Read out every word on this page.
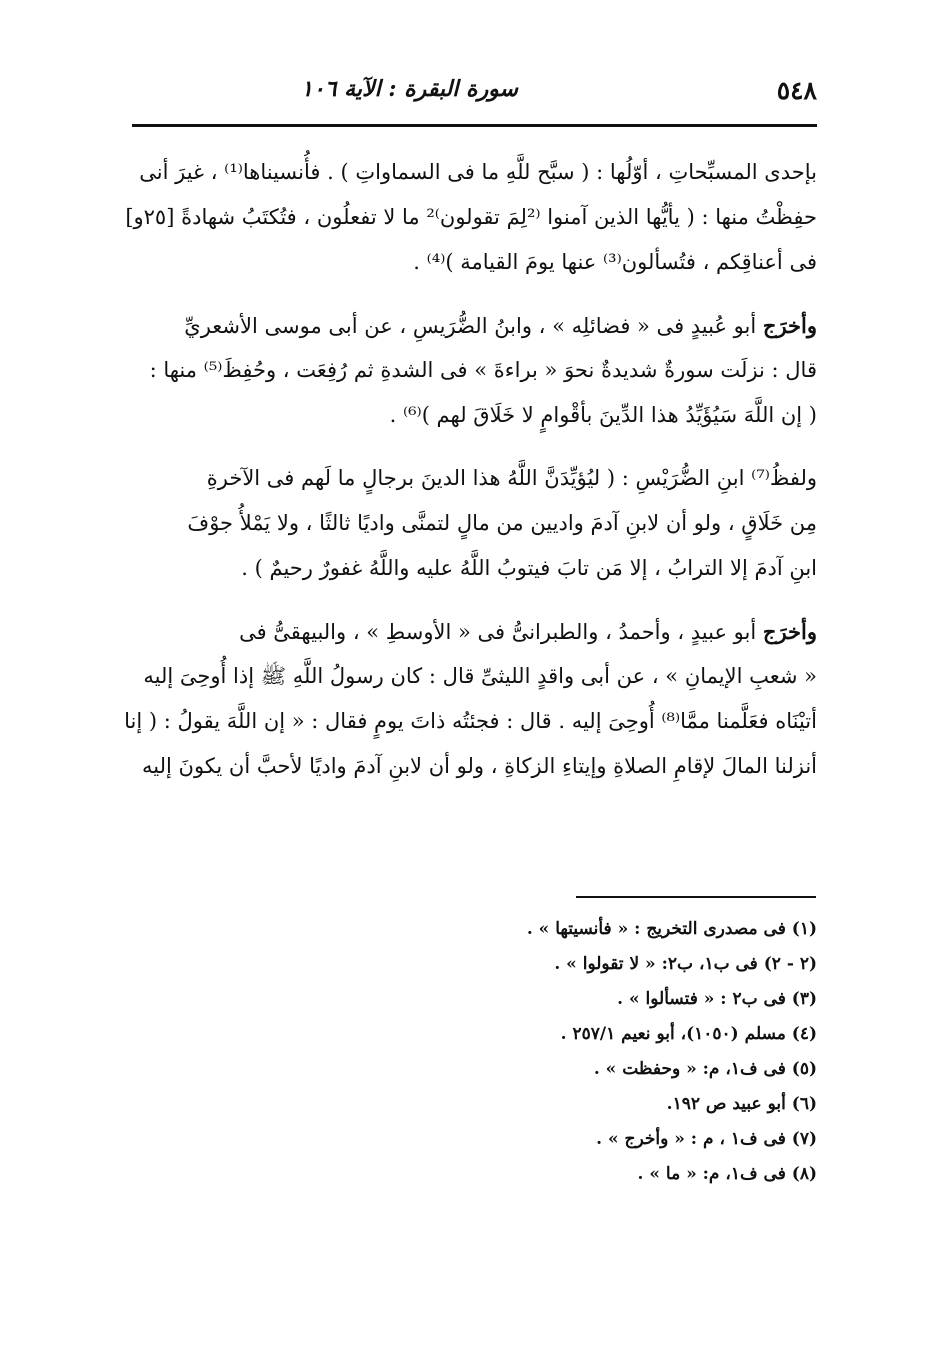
٥٤٨
سورة البقرة : الآية ١٠٦
بإحدى المسبِّحاتِ ، أوّلُها : ( سبَّح للَّهِ ما فى السماواتِ ) . فأُنسيناها⁽¹⁾ ، غيرَ أنى
حفِظْتُ منها : ( يأيُّها الذين آمنوا ⁽²لِمَ تقولون⁾² ما لا تفعلُون ، فتُكتَبُ شهادةً [٢٥و]
فى أعناقِكم ، فتُسألون⁽³⁾ عنها يومَ القيامة )⁽⁴⁾ .
وأخرَج أبو عُبيدٍ فى « فضائلِه » ، وابنُ الضُّرَيسِ ، عن أبى موسى الأشعريِّ
قال : نزلَت سورةٌ شديدةٌ نحوَ « براءةَ » فى الشدةِ ثم رُفِعَت ، وحُفِظَ⁽⁵⁾ منها :
( إن اللَّهَ سَيُؤَيِّدُ هذا الدِّينَ بأقْوامٍ لا خَلَاقَ لهم )⁽⁶⁾ .
ولفظُ⁽⁷⁾ ابنِ الضُّرَيْسِ : ( ليُؤيِّدَنَّ اللَّهُ هذا الدينَ برجالٍ ما لَهم فى الآخرةِ
مِن خَلَاقٍ ، ولو أن لابنِ آدمَ واديين من مالٍ لتمنَّى واديًا ثالثًا ، ولا يَمْلأُ جوْفَ
ابنِ آدمَ إلا الترابُ ، إلا مَن تابَ فيتوبُ اللَّهُ عليه واللَّهُ غفورٌ رحيمٌ ) .
وأخرَج أبو عبيدٍ ، وأحمدُ ، والطبرانىُّ فى « الأوسطِ » ، والبيهقىُّ فى
« شعبِ الإيمانِ » ، عن أبى واقدٍ الليثىِّ قال : كان رسولُ اللَّهِ ﷺ إذا أُوحِىَ إليه
أتيْنَاه فعَلَّمنا ممَّا⁽⁸⁾ أُوحِىَ إليه . قال : فجئتُه ذاتَ يومٍ فقال : « إن اللَّهَ يقولُ : ( إنا
أنزلنا المالَ لإقامِ الصلاةِ وإيتاءِ الزكاةِ ، ولو أن لابنِ آدمَ واديًا لأحبَّ أن يكونَ إليه
(١) فى مصدرى التخريج : « فأنسيتها » .
(٢ - ٢) فى ب١، ب٢: « لا تقولوا » .
(٣) فى ب٢ : « فتسألوا » .
(٤) مسلم (١٠٥٠)، أبو نعيم ٢٥٧/١ .
(٥) فى ف١، م: « وحفظت » .
(٦) أبو عبيد ص ١٩٢.
(٧) فى ف١ ، م : « وأخرج » .
(٨) فى ف١، م: « ما » .
